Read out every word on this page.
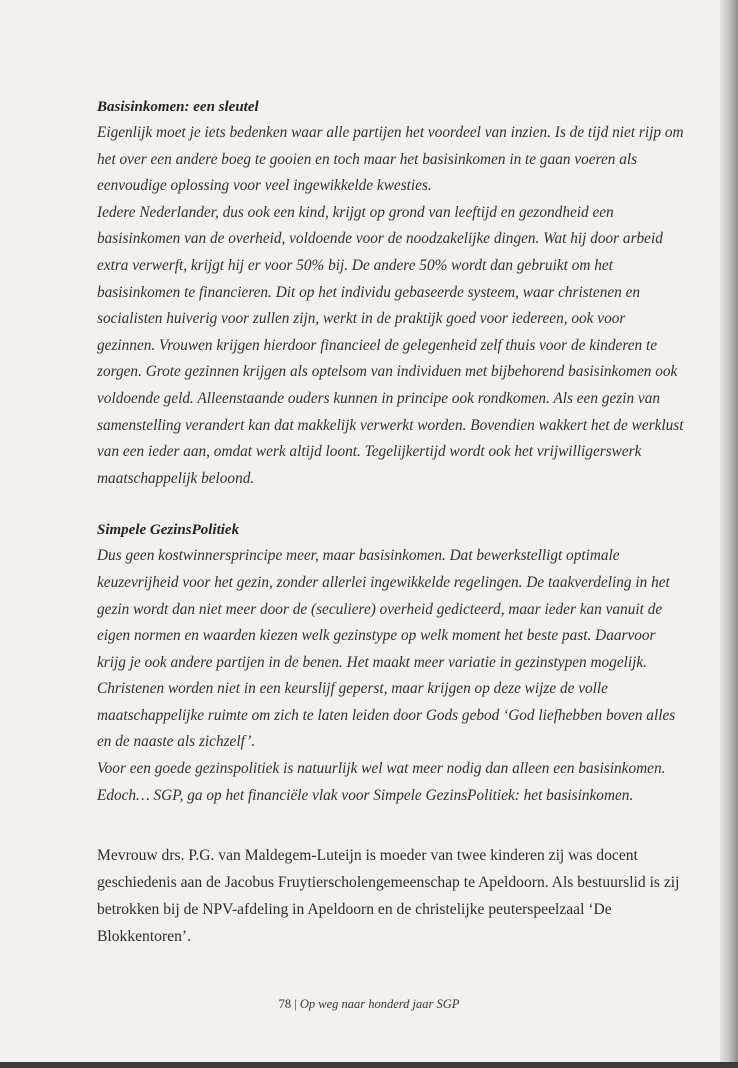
Basisinkomen: een sleutel

Eigenlijk moet je iets bedenken waar alle partijen het voordeel van inzien. Is de tijd niet rijp om het over een andere boeg te gooien en toch maar het basisinkomen in te gaan voeren als eenvoudige oplossing voor veel ingewikkelde kwesties.

Iedere Nederlander, dus ook een kind, krijgt op grond van leeftijd en gezondheid een basisinkomen van de overheid, voldoende voor de noodzakelijke dingen. Wat hij door arbeid extra verwerft, krijgt hij er voor 50% bij. De andere 50% wordt dan gebruikt om het basisinkomen te financieren. Dit op het individu gebaseerde systeem, waar christenen en socialisten huiverig voor zullen zijn, werkt in de praktijk goed voor iedereen, ook voor gezinnen. Vrouwen krijgen hierdoor financieel de gelegenheid zelf thuis voor de kinderen te zorgen. Grote gezinnen krijgen als optelsom van individuen met bijbehorend basisinkomen ook voldoende geld. Alleenstaande ouders kunnen in principe ook rondkomen. Als een gezin van samenstelling verandert kan dat makkelijk verwerkt worden. Bovendien wakkert het de werklust van een ieder aan, omdat werk altijd loont. Tegelijkertijd wordt ook het vrijwilligerswerk maatschappelijk beloond.

Simpele GezinsPolitiek

Dus geen kostwinnersprincipe meer, maar basisinkomen. Dat bewerkstelligt optimale keuzevrijheid voor het gezin, zonder allerlei ingewikkelde regelingen. De taakverdeling in het gezin wordt dan niet meer door de (seculiere) overheid gedicteerd, maar ieder kan vanuit de eigen normen en waarden kiezen welk gezinstype op welk moment het beste past. Daarvoor krijg je ook andere partijen in de benen. Het maakt meer variatie in gezinstypen mogelijk. Christenen worden niet in een keurslijf geperst, maar krijgen op deze wijze de volle maatschappelijke ruimte om zich te laten leiden door Gods gebod ‘God liefhebben boven alles en de naaste als zichzelf’.

Voor een goede gezinspolitiek is natuurlijk wel wat meer nodig dan alleen een basisinkomen. Edoch… SGP, ga op het financiële vlak voor Simpele GezinsPolitiek: het basisinkomen.

Mevrouw drs. P.G. van Maldegem-Luteijn is moeder van twee kinderen zij was docent geschiedenis aan de Jacobus Fruytierscholengemeenschap te Apeldoorn. Als bestuurslid is zij betrokken bij de NPV-afdeling in Apeldoorn en de christelijke peuterspeelzaal ‘De Blokkentoren’.

78 | Op weg naar honderd jaar SGP
